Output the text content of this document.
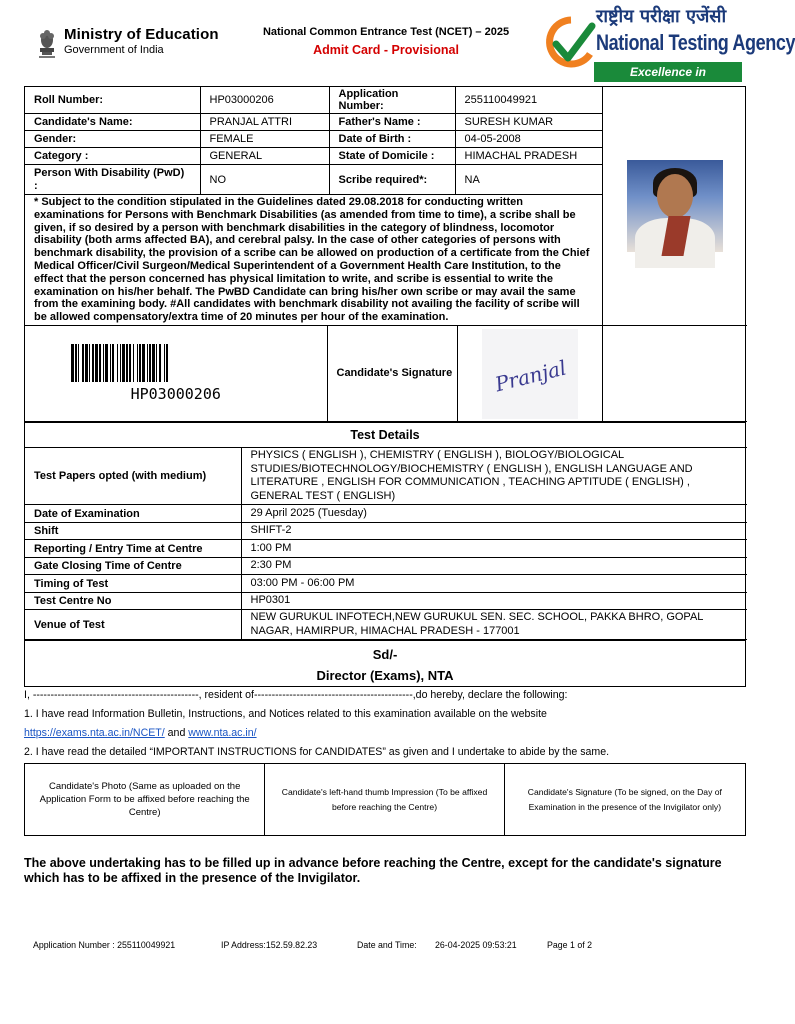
Ministry of Education
Government of India
National Common Entrance Test (NCET) – 2025
Admit Card - Provisional
राष्ट्रीय परीक्षा एजेंसी
National Testing Agency
Excellence in Assessment
Roll Number:	HP03000206	Application Number:	255110049921	

Candidate's Name:	PRANJAL ATTRI	Father's Name :	SURESH KUMAR	
Gender:	FEMALE	Date of Birth :	04-05-2008	
Category :	GENERAL	State of Domicile :	HIMACHAL PRADESH	
Person With Disability (PwD) :	NO	Scribe required*:	NA	
* Subject to the condition stipulated in the Guidelines dated 29.08.2018 for conducting written examinations for Persons with Benchmark Disabilities (as amended from time to time), a scribe shall be given, if so desired by a person with benchmark disabilities in the category of blindness, locomotor disability (both arms affected BA), and cerebral palsy. In the case of other categories of persons with benchmark disability, the provision of a scribe can be allowed on production of a certificate from the Chief Medical Officer/Civil Surgeon/Medical Superintendent of a Government Health Care Institution, to the effect that the person concerned has physical limitation to write, and scribe is essential to write the examination on his/her behalf. The PwBD Candidate can bring his/her own scribe or may avail the same from the examining body. #All candidates with benchmark disability not availing the facility of scribe will be allowed compensatory/extra time of 20 minutes per hour of the examination.				
HP03000206

Candidate's Signature	Pranjal

Test Details
Test Papers opted (with medium)	PHYSICS ( ENGLISH ), CHEMISTRY ( ENGLISH ), BIOLOGY/BIOLOGICAL STUDIES/BIOTECHNOLOGY/BIOCHEMISTRY ( ENGLISH ), ENGLISH LANGUAGE AND LITERATURE , ENGLISH FOR COMMUNICATION , TEACHING APTITUDE ( ENGLISH) , GENERAL TEST ( ENGLISH)
Date of Examination	29 April 2025 (Tuesday)
Shift	SHIFT-2
Reporting / Entry Time at Centre	1:00 PM
Gate Closing Time of Centre	2:30 PM
Timing of Test	03:00 PM - 06:00 PM
Test Centre No	HP0301
Venue of Test	NEW GURUKUL INFOTECH,NEW GURUKUL SEN. SEC. SCHOOL, PAKKA BHRO, GOPAL NAGAR, HAMIRPUR, HIMACHAL PRADESH - 177001
Sd/-
Director (Exams), NTA
I, -----------------------------------------------, resident of---------------------------------------------,do hereby, declare the following:
1. I have read Information Bulletin, Instructions, and Notices related to this examination available on the website
https://exams.nta.ac.in/NCET/ and www.nta.ac.in/
2. I have read the detailed “IMPORTANT INSTRUCTIONS for CANDIDATES” as given and I undertake to abide by the same.
Candidate's Photo (Same as uploaded on the Application Form to be affixed before reaching the Centre)
Candidate's left-hand thumb Impression (To be affixed before reaching the Centre)
Candidate's Signature (To be signed, on the Day of Examination in the presence of the Invigilator only)
The above undertaking has to be filled up in advance before reaching the Centre, except for the candidate's signature which has to be affixed in the presence of the Invigilator.
Application Number : 255110049921	IP Address:152.59.82.23	Date and Time:	26-04-2025 09:53:21	Page 1 of 2
